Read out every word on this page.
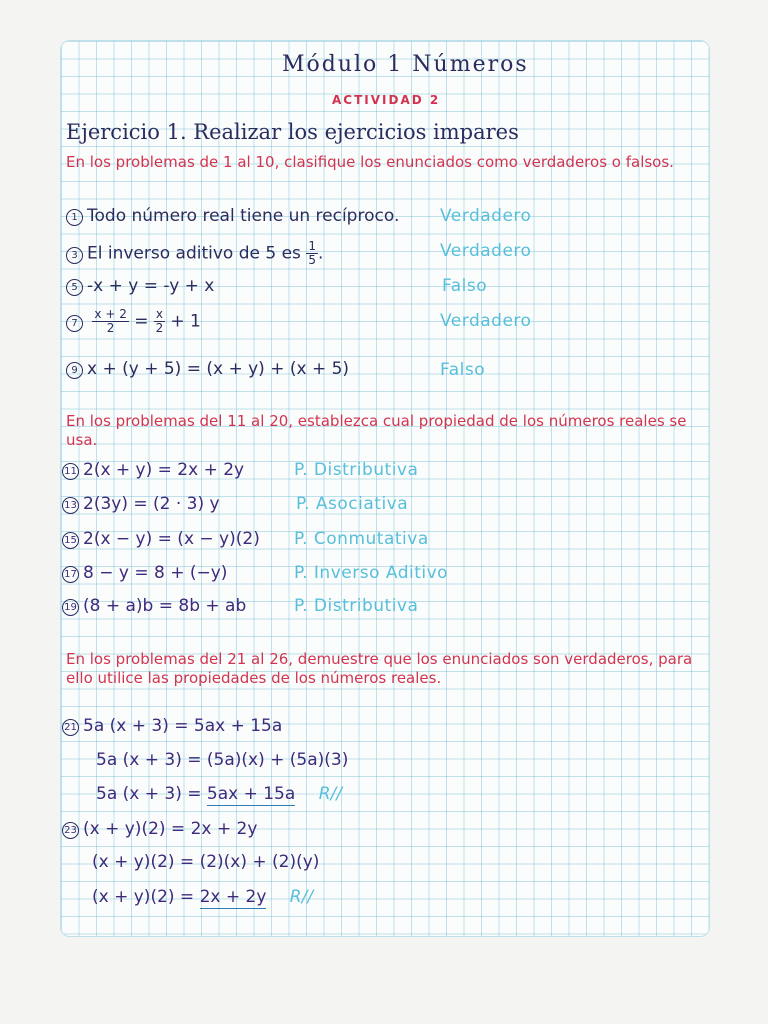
Módulo 1 Números
ACTIVIDAD 2
Ejercicio 1. Realizar los ejercicios impares
En los problemas de 1 al 10, clasifique los enunciados como verdaderos o falsos.
1 Todo número real tiene un recíproco. Verdadero
3 El inverso aditivo de 5 es $\frac{1}{5}$ .	Verdadero
5 -x + y = -y + x	Falso
$7 \frac{x + 2}{2} = \frac{x}{2} + 1$	Verdadero
9 x + (y + 5) = (x + y) + (x + 5)	Falso
En los problemas del 11 al 20, establezca cual propiedad de los números reales se usa.
11 2(x + y) = 2x + 2y	P. Distributiva
13 2(3y) = (2 · 3) y	P. Asociativa
15 2(x − y) = (x − y)(2) P. Conmutativa
17 8 − y = 8 + (−y)	P. Inverso Aditivo
19 (8 + a)b = 8b + ab	P. Distributiva
En los problemas del 21 al 26, demuestre que los enunciados son verdaderos, para ello utilice las propiedades de los números reales.
21 5a (x + 3) = 5ax + 15a
5a (x + 3) = (5a)(x) + (5a)(3)
5a (x + 3) = 5ax + 15a R//
23 (x + y)(2) = 2x + 2y
(x + y)(2) = (2)(x) + (2)(y)
(x + y)(2) = 2x + 2y R//
